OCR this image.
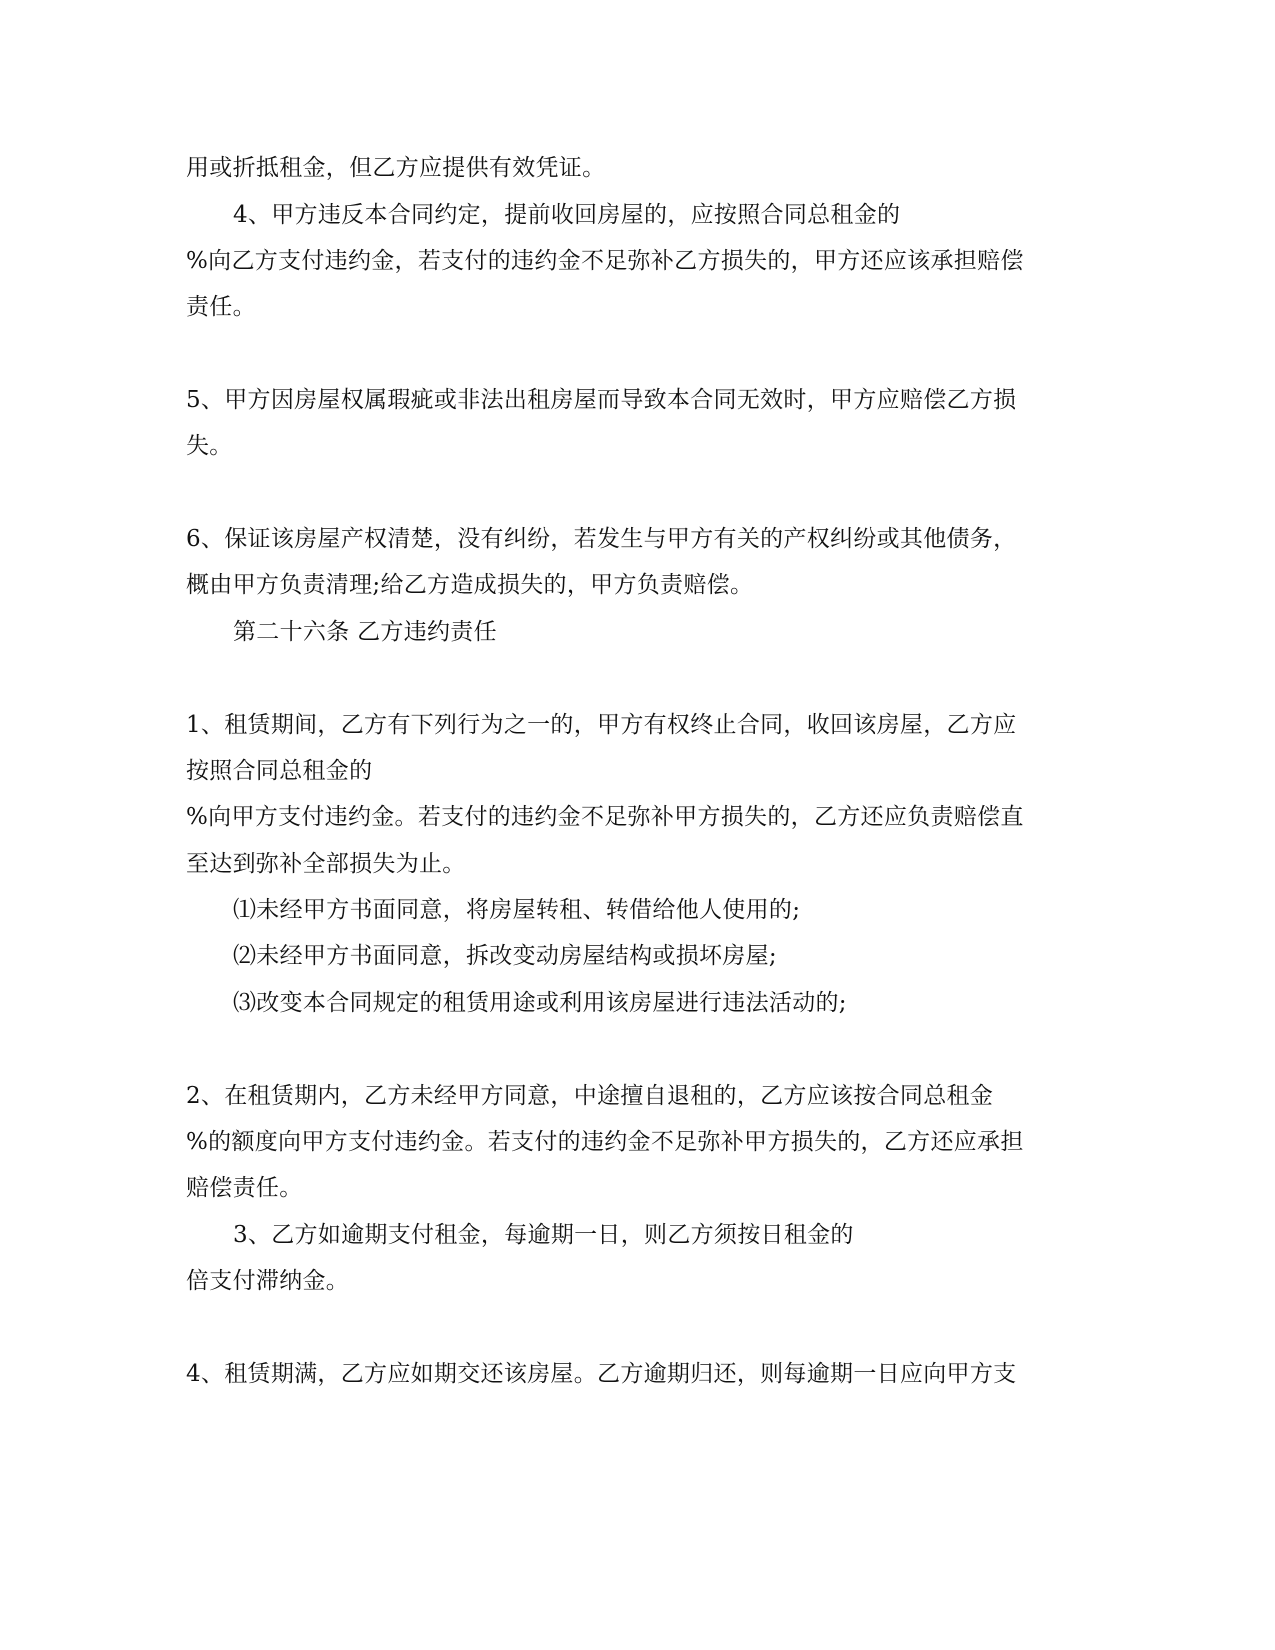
用或折抵租金，但乙方应提供有效凭证。
4、甲方违反本合同约定，提前收回房屋的，应按照合同总租金的
%向乙方支付违约金，若支付的违约金不足弥补乙方损失的，甲方还应该承担赔偿
责任。
5、甲方因房屋权属瑕疵或非法出租房屋而导致本合同无效时，甲方应赔偿乙方损
失。
6、保证该房屋产权清楚，没有纠纷，若发生与甲方有关的产权纠纷或其他债务，
概由甲方负责清理;给乙方造成损失的，甲方负责赔偿。
第二十六条 乙方违约责任
1、租赁期间，乙方有下列行为之一的，甲方有权终止合同，收回该房屋，乙方应
按照合同总租金的
%向甲方支付违约金。若支付的违约金不足弥补甲方损失的，乙方还应负责赔偿直
至达到弥补全部损失为止。
⑴未经甲方书面同意，将房屋转租、转借给他人使用的;
⑵未经甲方书面同意，拆改变动房屋结构或损坏房屋;
⑶改变本合同规定的租赁用途或利用该房屋进行违法活动的;
2、在租赁期内，乙方未经甲方同意，中途擅自退租的，乙方应该按合同总租金
%的额度向甲方支付违约金。若支付的违约金不足弥补甲方损失的，乙方还应承担
赔偿责任。
3、乙方如逾期支付租金，每逾期一日，则乙方须按日租金的
倍支付滞纳金。
4、租赁期满，乙方应如期交还该房屋。乙方逾期归还，则每逾期一日应向甲方支
